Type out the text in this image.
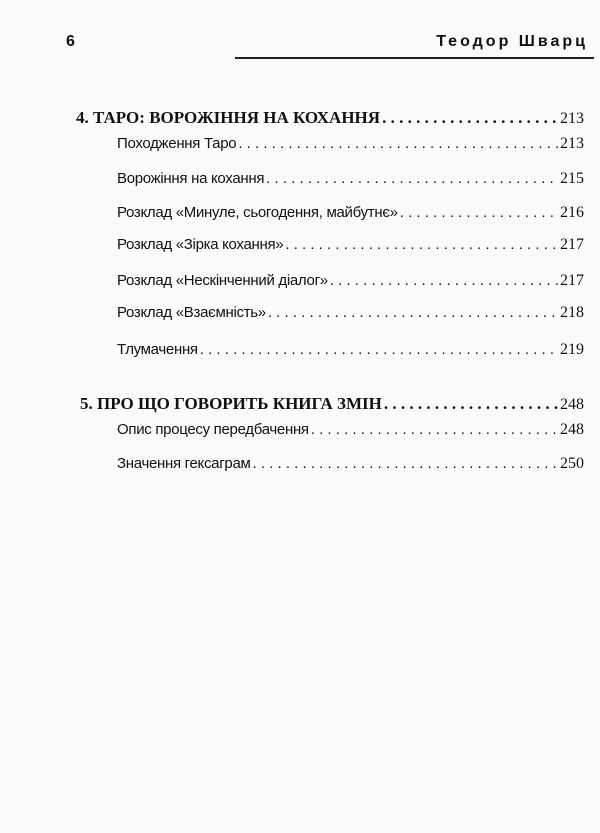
6	Теодор Шварц
4. ТАРО: ВОРОЖІННЯ НА КОХАННЯ . . .	213
Походження Таро . . .	213
Ворожіння на кохання . . .	215
Розклад «Минуле, сьогодення, майбутнє» . . .	216
Розклад «Зірка кохання» . . .	217
Розклад «Нескінченний діалог» . . .	217
Розклад «Взаємність» . . .	218
Тлумачення . . .	219
5. ПРО ЩО ГОВОРИТЬ КНИГА ЗМІН . . .	248
Опис процесу передбачення . . .	248
Значення гексаграм . . .	250
